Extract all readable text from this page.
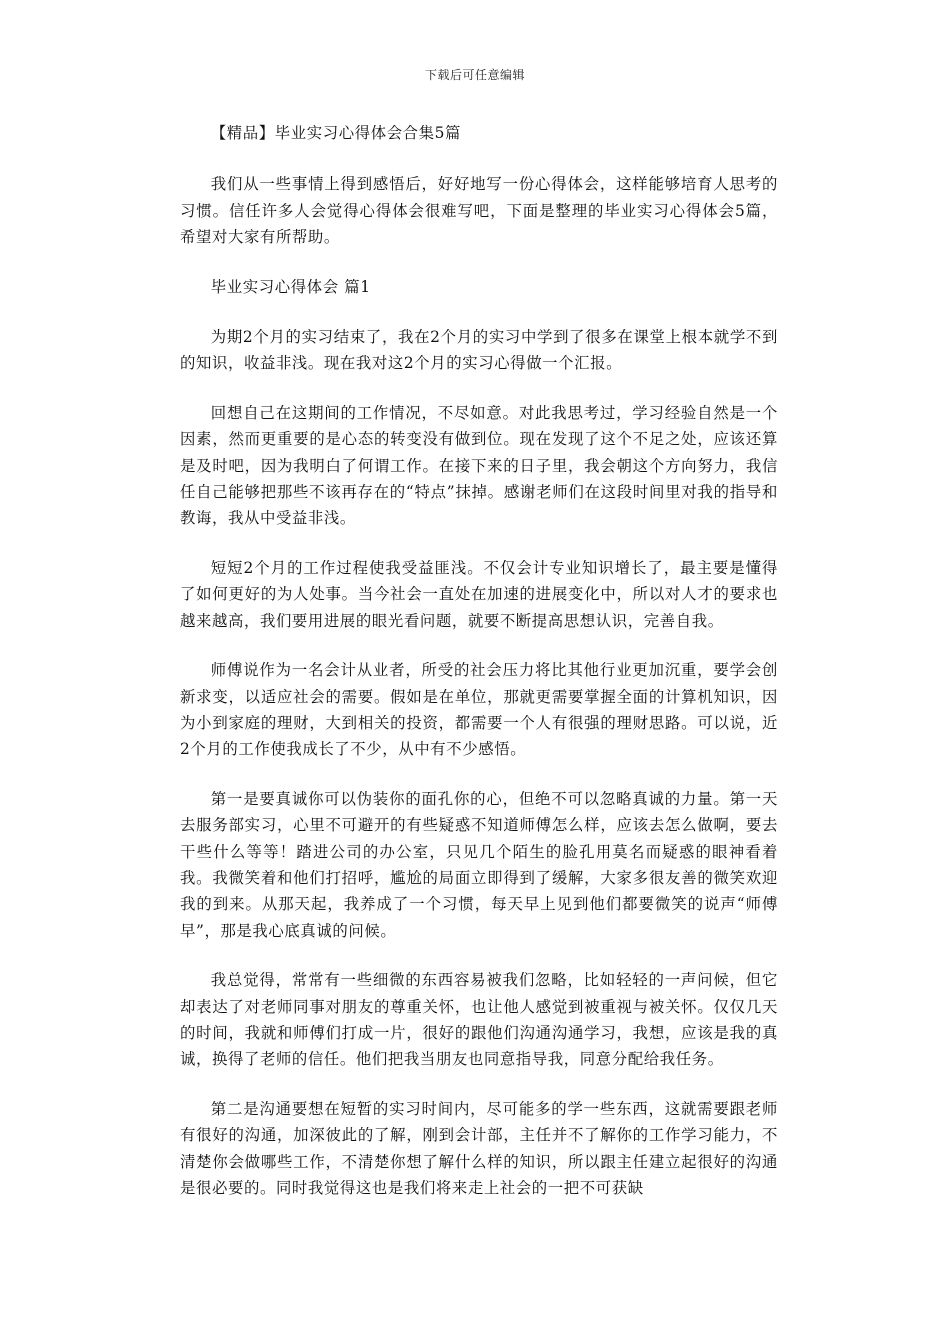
下载后可任意编辑

【精品】毕业实习心得体会合集5篇

我们从一些事情上得到感悟后，好好地写一份心得体会，这样能够培育人思考的习惯。信任许多人会觉得心得体会很难写吧，下面是整理的毕业实习心得体会5篇，希望对大家有所帮助。

毕业实习心得体会 篇1

为期2个月的实习结束了，我在2个月的实习中学到了很多在课堂上根本就学不到的知识，收益非浅。现在我对这2个月的实习心得做一个汇报。

回想自己在这期间的工作情况，不尽如意。对此我思考过，学习经验自然是一个因素，然而更重要的是心态的转变没有做到位。现在发现了这个不足之处，应该还算是及时吧，因为我明白了何谓工作。在接下来的日子里，我会朝这个方向努力，我信任自己能够把那些不该再存在的“特点”抹掉。感谢老师们在这段时间里对我的指导和教诲，我从中受益非浅。

短短2个月的工作过程使我受益匪浅。不仅会计专业知识增长了，最主要是懂得了如何更好的为人处事。当今社会一直处在加速的进展变化中，所以对人才的要求也越来越高，我们要用进展的眼光看问题，就要不断提高思想认识，完善自我。

师傅说作为一名会计从业者，所受的社会压力将比其他行业更加沉重，要学会创新求变，以适应社会的需要。假如是在单位，那就更需要掌握全面的计算机知识，因为小到家庭的理财，大到相关的投资，都需要一个人有很强的理财思路。可以说，近2个月的工作使我成长了不少，从中有不少感悟。

第一是要真诚你可以伪装你的面孔你的心，但绝不可以忽略真诚的力量。第一天去服务部实习，心里不可避开的有些疑惑不知道师傅怎么样，应该去怎么做啊，要去干些什么等等！踏进公司的办公室，只见几个陌生的脸孔用莫名而疑惑的眼神看着我。我微笑着和他们打招呼，尴尬的局面立即得到了缓解，大家多很友善的微笑欢迎我的到来。从那天起，我养成了一个习惯，每天早上见到他们都要微笑的说声“师傅早”，那是我心底真诚的问候。

我总觉得，常常有一些细微的东西容易被我们忽略，比如轻轻的一声问候，但它却表达了对老师同事对朋友的尊重关怀，也让他人感觉到被重视与被关怀。仅仅几天的时间，我就和师傅们打成一片，很好的跟他们沟通沟通学习，我想，应该是我的真诚，换得了老师的信任。他们把我当朋友也同意指导我，同意分配给我任务。

第二是沟通要想在短暂的实习时间内，尽可能多的学一些东西，这就需要跟老师有很好的沟通，加深彼此的了解，刚到会计部，主任并不了解你的工作学习能力，不清楚你会做哪些工作，不清楚你想了解什么样的知识，所以跟主任建立起很好的沟通是很必要的。同时我觉得这也是我们将来走上社会的一把不可获缺
